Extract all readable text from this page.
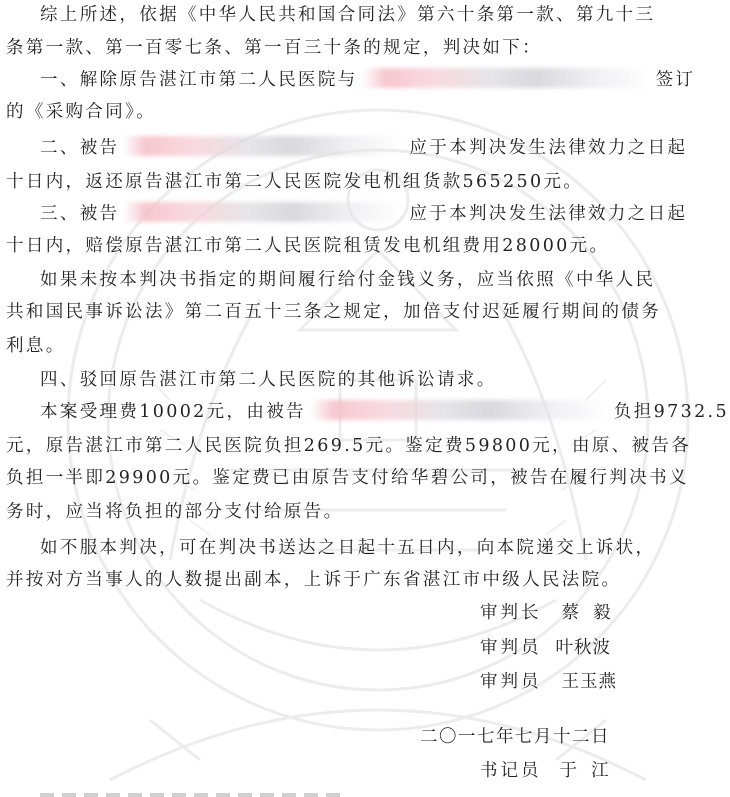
综上所述，依据《中华人民共和国合同法》第六十条第一款、第九十三
条第一款、第一百零七条、第一百三十条的规定，判决如下：
一、解除原告湛江市第二人民医院与	签订
的《采购合同》。
二、被告	应于本判决发生法律效力之日起
十日内，返还原告湛江市第二人民医院发电机组货款565250元。
三、被告	应于本判决发生法律效力之日起
十日内，赔偿原告湛江市第二人民医院租赁发电机组费用28000元。
如果未按本判决书指定的期间履行给付金钱义务，应当依照《中华人民
共和国民事诉讼法》第二百五十三条之规定，加倍支付迟延履行期间的债务
利息。
四、驳回原告湛江市第二人民医院的其他诉讼请求。
本案受理费10002元，由被告	负担9732.5
元，原告湛江市第二人民医院负担269.5元。鉴定费59800元，由原、被告各
负担一半即29900元。鉴定费已由原告支付给华碧公司，被告在履行判决书义
务时，应当将负担的部分支付给原告。
如不服本判决，可在判决书送达之日起十五日内，向本院递交上诉状，
并按对方当事人的人数提出副本，上诉于广东省湛江市中级人民法院。
审判长 蔡  毅
审判员 叶秋波
审判员 王玉燕
二〇一七年七月十二日
书记员 于  江
